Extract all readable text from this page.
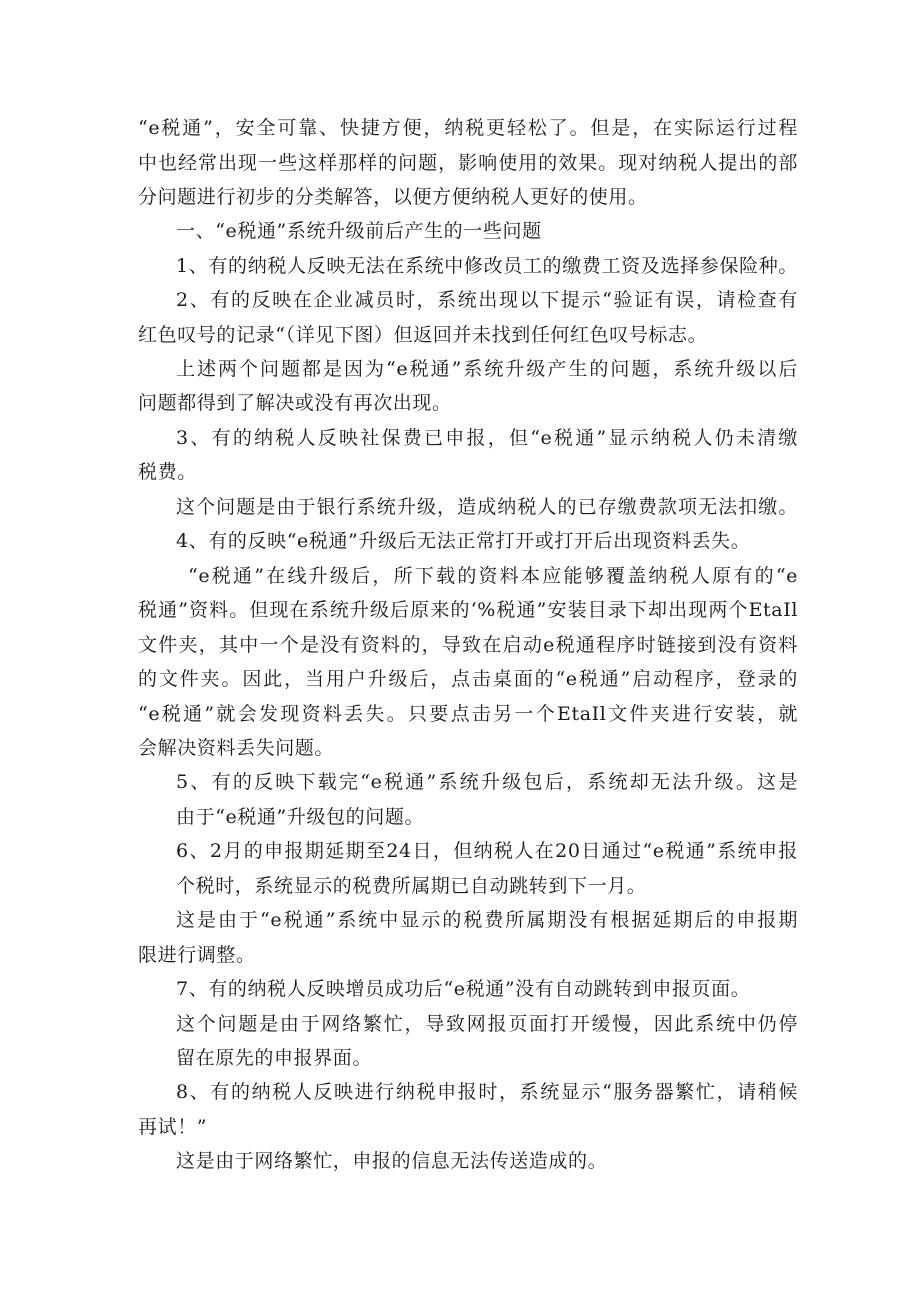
“e税通”，安全可靠、快捷方便，纳税更轻松了。但是，在实际运行过程
中也经常出现一些这样那样的问题，影响使用的效果。现对纳税人提出的部
分问题进行初步的分类解答，以便方便纳税人更好的使用。
一、“e税通”系统升级前后产生的一些问题
1、有的纳税人反映无法在系统中修改员工的缴费工资及选择参保险种。
2、有的反映在企业减员时，系统出现以下提示“验证有误，请检查有
红色叹号的记录“（详见下图）但返回并未找到任何红色叹号标志。
上述两个问题都是因为“e税通”系统升级产生的问题，系统升级以后
问题都得到了解决或没有再次出现。
3、有的纳税人反映社保费已申报，但“e税通”显示纳税人仍未清缴
税费。
这个问题是由于银行系统升级，造成纳税人的已存缴费款项无法扣缴。
4、有的反映“e税通”升级后无法正常打开或打开后出现资料丢失。
“e税通”在线升级后，所下载的资料本应能够覆盖纳税人原有的“e
税通”资料。但现在系统升级后原来的‘%税通”安装目录下却出现两个EtaIl
文件夹，其中一个是没有资料的，导致在启动e税通程序时链接到没有资料
的文件夹。因此，当用户升级后，点击桌面的“e税通”启动程序，登录的
“e税通”就会发现资料丢失。只要点击另一个EtaIl文件夹进行安装，就
会解决资料丢失问题。
5、有的反映下载完“e税通”系统升级包后，系统却无法升级。这是
由于“e税通”升级包的问题。
6、2月的申报期延期至24日，但纳税人在20日通过“e税通”系统申报
个税时，系统显示的税费所属期已自动跳转到下一月。
这是由于“e税通”系统中显示的税费所属期没有根据延期后的申报期
限进行调整。
7、有的纳税人反映增员成功后“e税通”没有自动跳转到申报页面。
这个问题是由于网络繁忙，导致网报页面打开缓慢，因此系统中仍停
留在原先的申报界面。
8、有的纳税人反映进行纳税申报时，系统显示“服务器繁忙，请稍候
再试！”
这是由于网络繁忙，申报的信息无法传送造成的。
